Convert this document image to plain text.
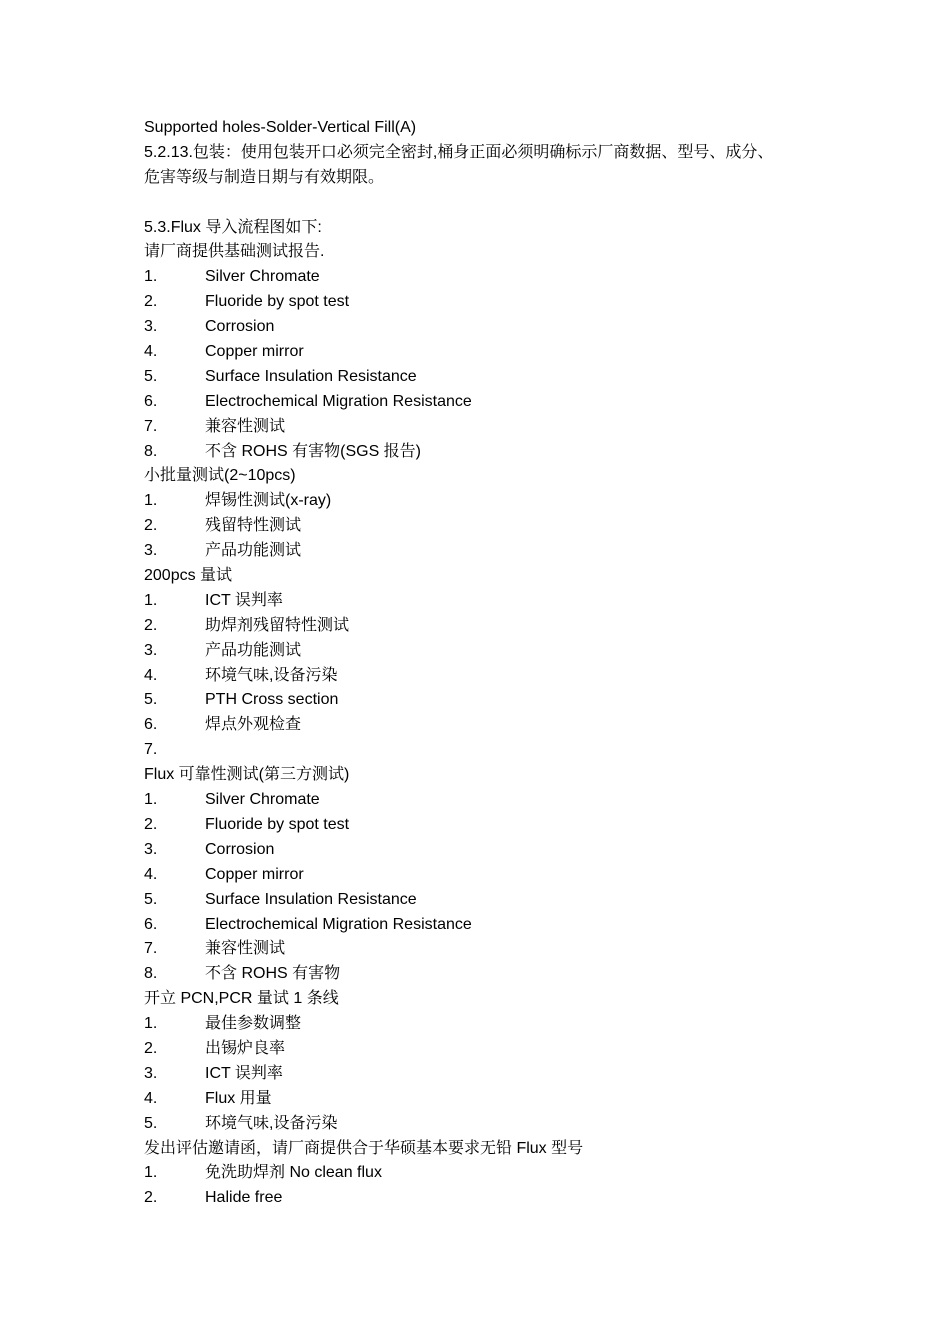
Supported holes-Solder-Vertical Fill(A)
5.2.13.包装：使用包装开口必须完全密封,桶身正面必须明确标示厂商数据、型号、成分、
危害等级与制造日期与有效期限。
5.3.Flux 导入流程图如下:
请厂商提供基础测试报告.
1.	Silver Chromate
2.	Fluoride by spot test
3.	Corrosion
4.	Copper mirror
5.	Surface Insulation Resistance
6.	Electrochemical Migration Resistance
7.	兼容性测试
8.	不含 ROHS 有害物(SGS 报告)
小批量测试(2~10pcs)
1.	焊锡性测试(x-ray)
2.	残留特性测试
3.	产品功能测试
200pcs 量试
1.	ICT 误判率
2.	助焊剂残留特性测试
3.	产品功能测试
4.	环境气味,设备污染
5.	PTH Cross section
6.	焊点外观检查
7.
Flux 可靠性测试(第三方测试)
1.	Silver Chromate
2.	Fluoride by spot test
3.	Corrosion
4.	Copper mirror
5.	Surface Insulation Resistance
6.	Electrochemical Migration Resistance
7.	兼容性测试
8.	不含 ROHS 有害物
开立 PCN,PCR 量试 1 条线
1.	最佳参数调整
2.	出锡炉良率
3.	ICT 误判率
4.	Flux 用量
5.	环境气味,设备污染
发出评估邀请函，请厂商提供合于华硕基本要求无铅 Flux 型号
1.	免洗助焊剂 No clean flux
2.	Halide free
